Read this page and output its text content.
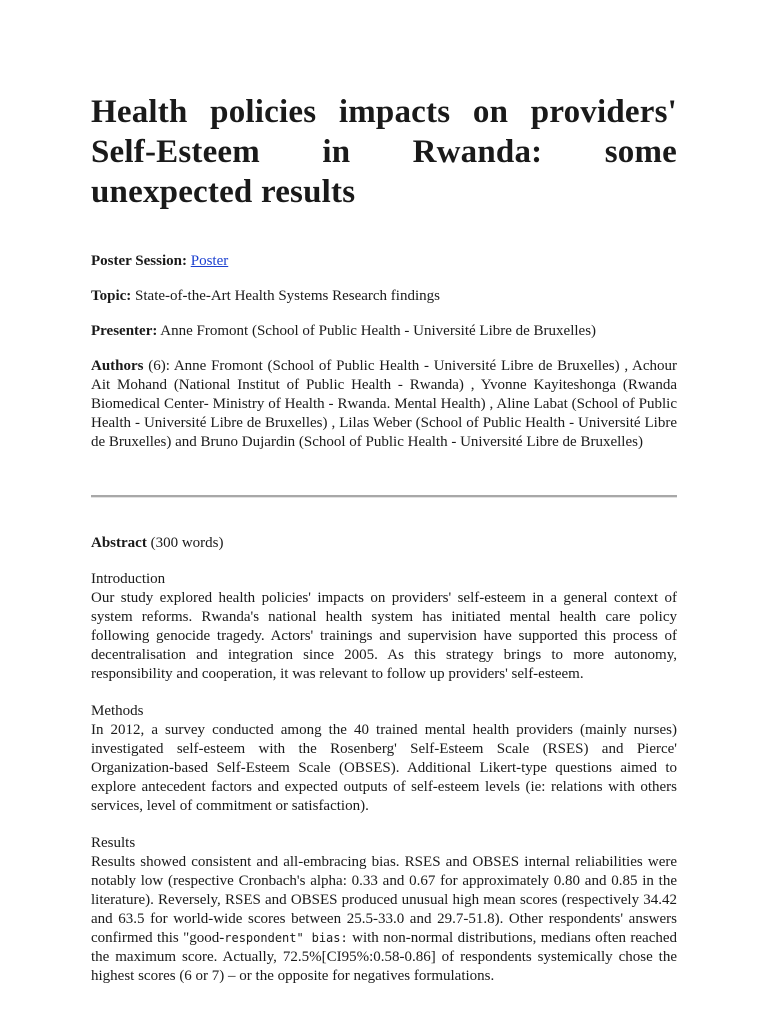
Health policies impacts on providers' Self-Esteem in Rwanda: some unexpected results

Poster Session: Poster

Topic: State-of-the-Art Health Systems Research findings

Presenter: Anne Fromont (School of Public Health - Université Libre de Bruxelles)

Authors (6): Anne Fromont (School of Public Health - Université Libre de Bruxelles) , Achour Ait Mohand (National Institut of Public Health - Rwanda) , Yvonne Kayiteshonga (Rwanda Biomedical Center- Ministry of Health - Rwanda. Mental Health) , Aline Labat (School of Public Health - Université Libre de Bruxelles) , Lilas Weber (School of Public Health - Université Libre de Bruxelles) and Bruno Dujardin (School of Public Health - Université Libre de Bruxelles)

Abstract (300 words)

Introduction

Our study explored health policies' impacts on providers' self-esteem in a general context of system reforms. Rwanda's national health system has initiated mental health care policy following genocide tragedy. Actors' trainings and supervision have supported this process of decentralisation and integration since 2005. As this strategy brings to more autonomy, responsibility and cooperation, it was relevant to follow up providers' self-esteem.

Methods

In 2012, a survey conducted among the 40 trained mental health providers (mainly nurses) investigated self-esteem with the Rosenberg' Self-Esteem Scale (RSES) and Pierce' Organization-based Self-Esteem Scale (OBSES). Additional Likert-type questions aimed to explore antecedent factors and expected outputs of self-esteem levels (ie: relations with others services, level of commitment or satisfaction).

Results

Results showed consistent and all-embracing bias. RSES and OBSES internal reliabilities were notably low (respective Cronbach's alpha: 0.33 and 0.67 for approximately 0.80 and 0.85 in the literature). Reversely, RSES and OBSES produced unusual high mean scores (respectively 34.42 and 63.5 for world-wide scores between 25.5-33.0 and 29.7-51.8). Other respondents' answers confirmed this "good-respondent" bias: with non-normal distributions, medians often reached the maximum score. Actually, 72.5%[CI95%:0.58-0.86] of respondents systemically chose the highest scores (6 or 7) – or the opposite for negatives formulations.
